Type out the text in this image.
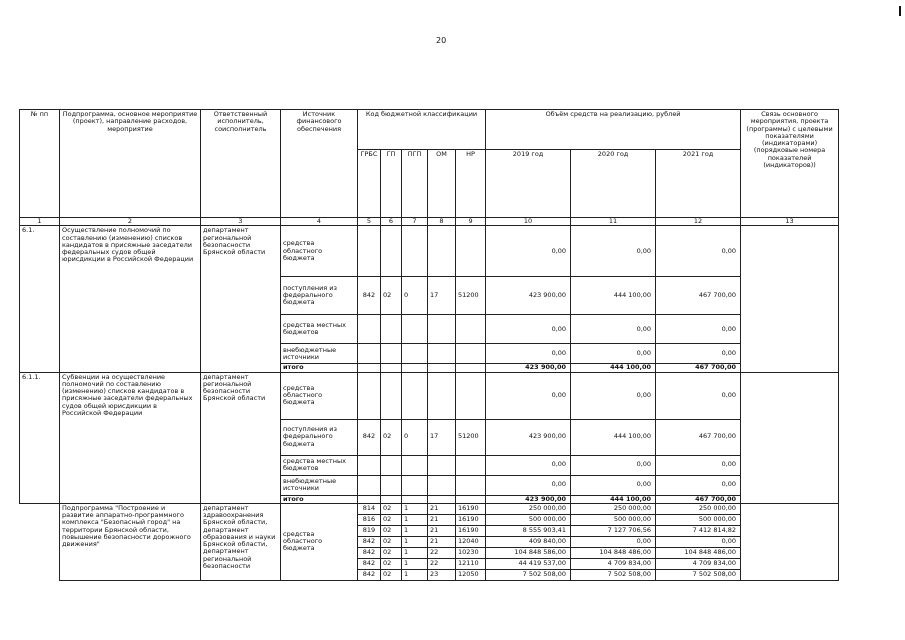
20
№ пп	Подпрограмма, основное мероприятие (проект), направление расходов, мероприятие	Ответственный исполнитель, соисполнитель	Источник финансового обеспечения	Код бюджетной классификации					Объём средств на реализацию, рублей			Связь основного мероприятия, проекта (программы) с целевыми показателями (индикаторами) (порядковые номера показателей (индикаторов))
				ГРБС	ГП	ПГП	ОМ	НР	2019 год	2020 год	2021 год	
1	2	3	4	5	6	7	8	9	10	11	12	13
6.1.	Осуществление полномочий по составлению (изменению) списков кандидатов в присяжные заседатели федеральных судов общей юрисдикции в Российской Федерации	департамент региональной безопасности Брянской области	средства областного бюджета						0,00	0,00	0,00	
			поступления из федерального бюджета	842	02	0	17	51200	423 900,00	444 100,00	467 700,00	
			средства местных бюджетов						0,00	0,00	0,00	
			внебюджетные источники						0,00	0,00	0,00	
			итого						423 900,00	444 100,00	467 700,00	
6.1.1.	Субвенции на осуществление полномочий по составлению (изменению) списков кандидатов в присяжные заседатели федеральных судов общей юрисдикции в Российской Федерации	департамент региональной безопасности Брянской области	средства областного бюджета						0,00	0,00	0,00	
			поступления из федерального бюджета	842	02	0	17	51200	423 900,00	444 100,00	467 700,00	
			средства местных бюджетов						0,00	0,00	0,00	
			внебюджетные источники						0,00	0,00	0,00	
			итого						423 900,00	444 100,00	467 700,00	
	Подпрограмма "Построение и развитие аппаратно-программного комплекса "Безопасный город" на территории Брянской области, повышение безопасности дорожного движения"	департамент здравоохранения Брянской области, департамент образования и науки Брянской области, департамент региональной безопасности	средства областного бюджета	814	02	1	21	16190	250 000,00	250 000,00	250 000,00	
				816	02	1	21	16190	500 000,00	500 000,00	500 000,00	
				819	02	1	21	16190	8 555 903,41	7 127 706,56	7 412 814,82	
				842	02	1	21	12040	409 840,00	0,00	0,00	
				842	02	1	22	10230	104 848 586,00	104 848 486,00	104 848 486,00	
				842	02	1	22	12110	44 419 537,00	4 709 834,00	4 709 834,00	
				842	02	1	23	12050	7 502 508,00	7 502 508,00	7 502 508,00	
